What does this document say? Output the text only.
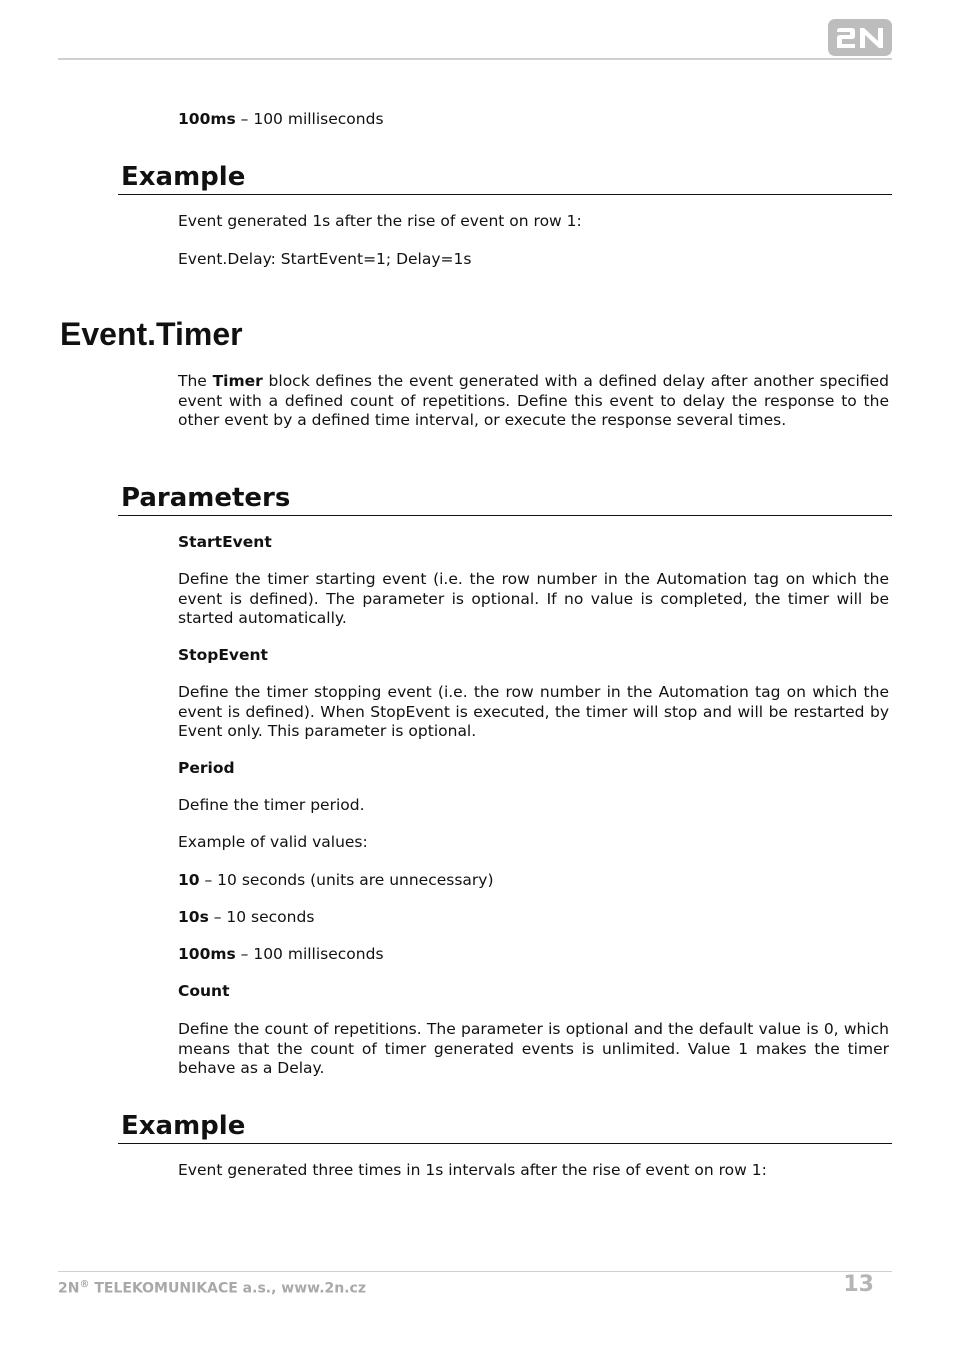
100ms – 100 milliseconds

Example

Event generated 1s after the rise of event on row 1:

Event.Delay: StartEvent=1; Delay=1s

Event.Timer

The Timer block defines the event generated with a defined delay after another specified event with a defined count of repetitions. Define this event to delay the response to the other event by a defined time interval, or execute the response several times.

Parameters

StartEvent

Define the timer starting event (i.e. the row number in the Automation tag on which the event is defined). The parameter is optional. If no value is completed, the timer will be started automatically.

StopEvent

Define the timer stopping event (i.e. the row number in the Automation tag on which the event is defined). When StopEvent is executed, the timer will stop and will be restarted by Event only. This parameter is optional.

Period

Define the timer period.

Example of valid values:

10 – 10 seconds (units are unnecessary)

10s – 10 seconds

100ms – 100 milliseconds

Count

Define the count of repetitions. The parameter is optional and the default value is 0, which means that the count of timer generated events is unlimited. Value 1 makes the timer behave as a Delay.

Example

Event generated three times in 1s intervals after the rise of event on row 1:

2N® TELEKOMUNIKACE a.s., www.2n.cz	13
